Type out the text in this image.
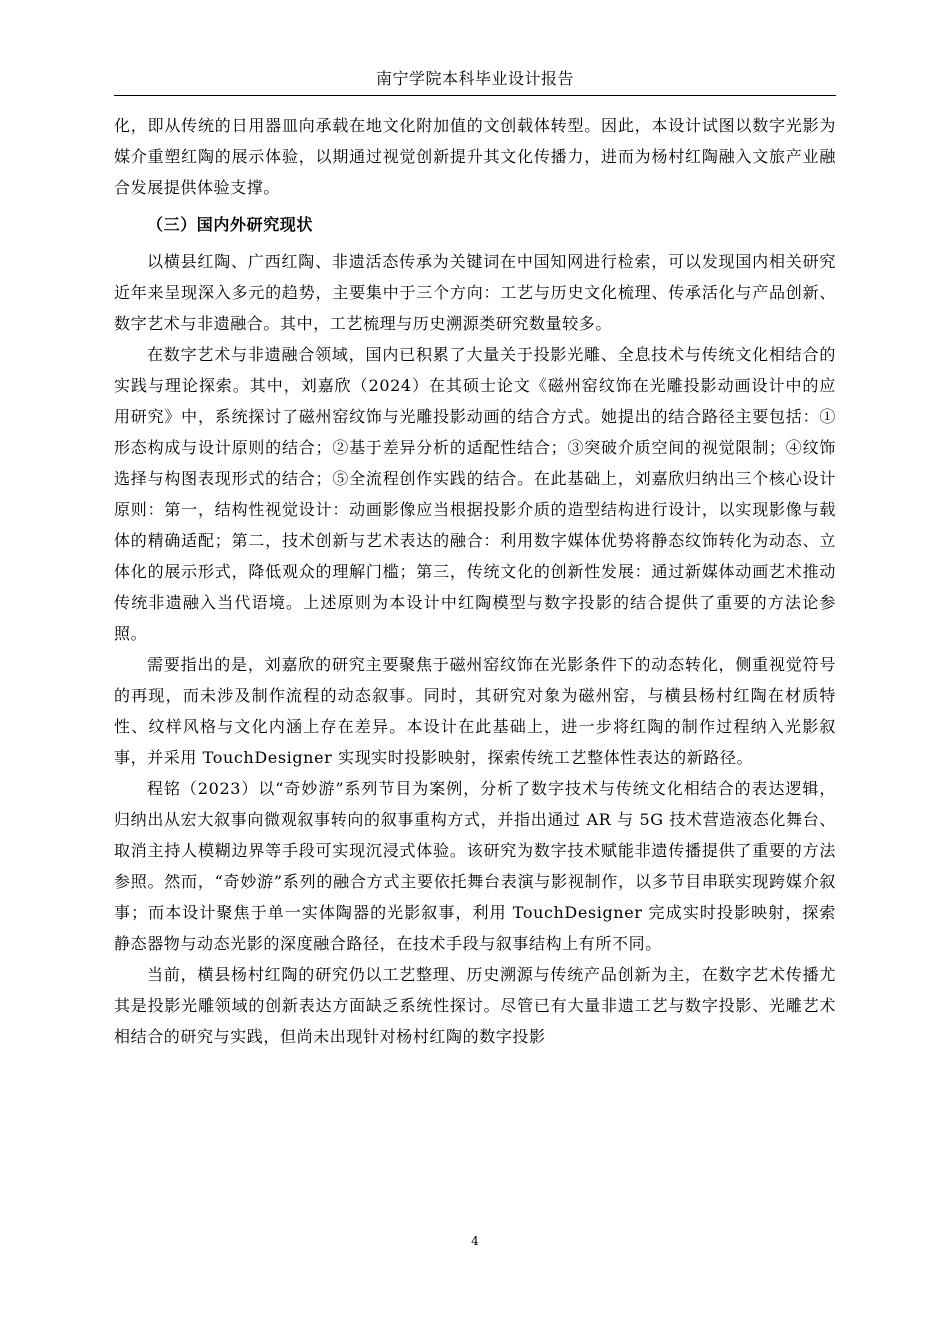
南宁学院本科毕业设计报告

化，即从传统的日用器皿向承载在地文化附加值的文创载体转型。因此，本设计试图以数字光影为媒介重塑红陶的展示体验，以期通过视觉创新提升其文化传播力，进而为杨村红陶融入文旅产业融合发展提供体验支撑。

（三）国内外研究现状

以横县红陶、广西红陶、非遗活态传承为关键词在中国知网进行检索，可以发现国内相关研究近年来呈现深入多元的趋势，主要集中于三个方向：工艺与历史文化梳理、传承活化与产品创新、数字艺术与非遗融合。其中，工艺梳理与历史溯源类研究数量较多。

在数字艺术与非遗融合领域，国内已积累了大量关于投影光雕、全息技术与传统文化相结合的实践与理论探索。其中，刘嘉欣（2024）在其硕士论文《磁州窑纹饰在光雕投影动画设计中的应用研究》中，系统探讨了磁州窑纹饰与光雕投影动画的结合方式。她提出的结合路径主要包括：①形态构成与设计原则的结合；②基于差异分析的适配性结合；③突破介质空间的视觉限制；④纹饰选择与构图表现形式的结合；⑤全流程创作实践的结合。在此基础上，刘嘉欣归纳出三个核心设计原则：第一，结构性视觉设计：动画影像应当根据投影介质的造型结构进行设计，以实现影像与载体的精确适配；第二，技术创新与艺术表达的融合：利用数字媒体优势将静态纹饰转化为动态、立体化的展示形式，降低观众的理解门槛；第三，传统文化的创新性发展：通过新媒体动画艺术推动传统非遗融入当代语境。上述原则为本设计中红陶模型与数字投影的结合提供了重要的方法论参照。

需要指出的是，刘嘉欣的研究主要聚焦于磁州窑纹饰在光影条件下的动态转化，侧重视觉符号的再现，而未涉及制作流程的动态叙事。同时，其研究对象为磁州窑，与横县杨村红陶在材质特性、纹样风格与文化内涵上存在差异。本设计在此基础上，进一步将红陶的制作过程纳入光影叙事，并采用 TouchDesigner 实现实时投影映射，探索传统工艺整体性表达的新路径。

程铭（2023）以“奇妙游”系列节目为案例，分析了数字技术与传统文化相结合的表达逻辑，归纳出从宏大叙事向微观叙事转向的叙事重构方式，并指出通过 AR 与 5G 技术营造液态化舞台、取消主持人模糊边界等手段可实现沉浸式体验。该研究为数字技术赋能非遗传播提供了重要的方法参照。然而，“奇妙游”系列的融合方式主要依托舞台表演与影视制作，以多节目串联实现跨媒介叙事；而本设计聚焦于单一实体陶器的光影叙事，利用 TouchDesigner 完成实时投影映射，探索静态器物与动态光影的深度融合路径，在技术手段与叙事结构上有所不同。

当前，横县杨村红陶的研究仍以工艺整理、历史溯源与传统产品创新为主，在数字艺术传播尤其是投影光雕领域的创新表达方面缺乏系统性探讨。尽管已有大量非遗工艺与数字投影、光雕艺术相结合的研究与实践，但尚未出现针对杨村红陶的数字投影

4
